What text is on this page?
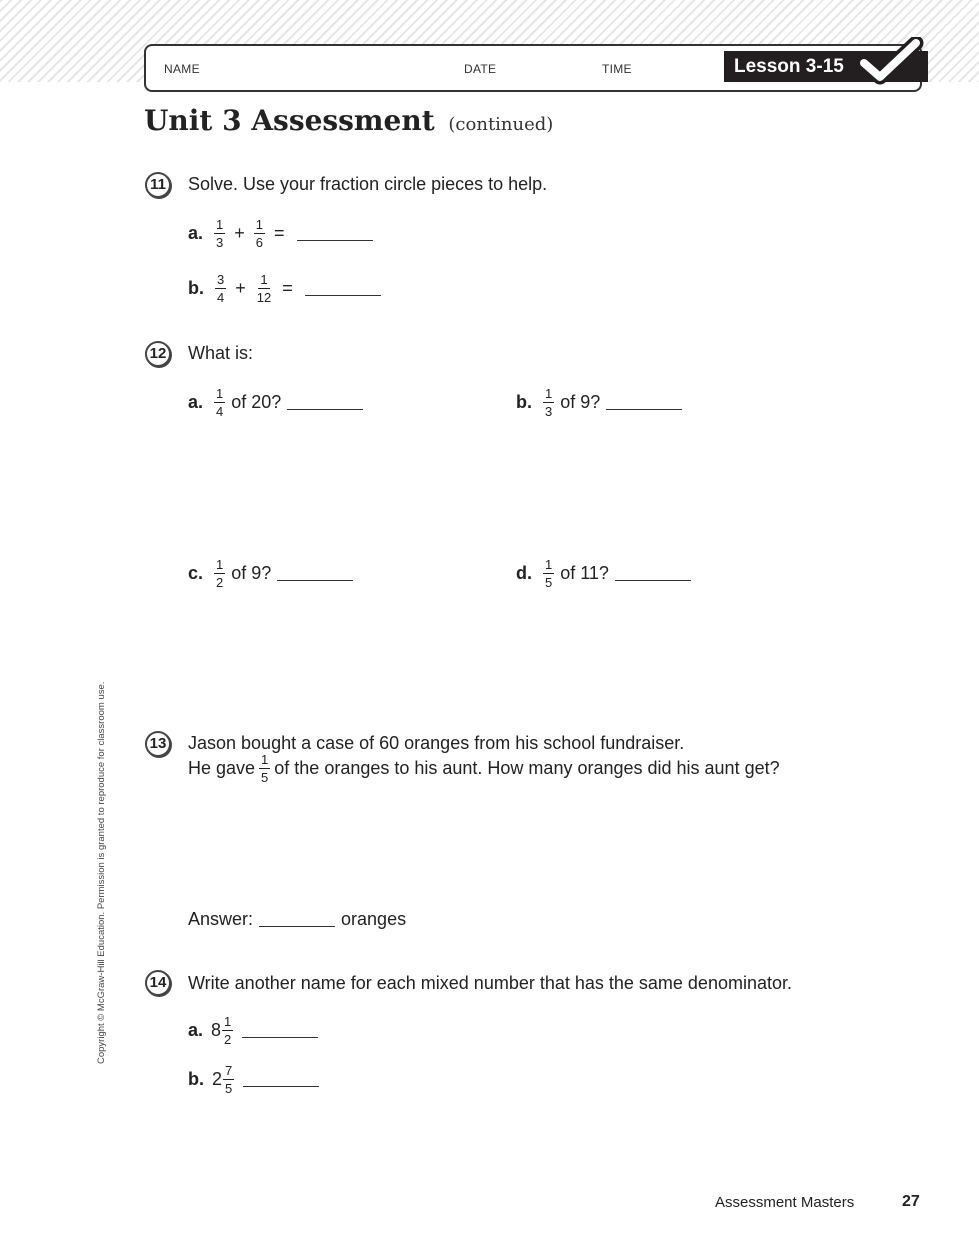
NAME	DATE	TIME	Lesson 3-15
Unit 3 Assessment (continued)
11 Solve. Use your fraction circle pieces to help.
a. $\frac{1}{3} + \frac{1}{6}$ =
b. $\frac{3}{4} + \frac{1}{12}$ =
12 What is:
a. $\frac{1}{4}$ of 20?	b. $\frac{1}{3}$ of 9?
c. $\frac{1}{2}$ of 9?	d. $\frac{1}{5}$ of 11?
13 Jason bought a case of 60 oranges from his school fundraiser.
He gave $\frac{1}{5}$ of the oranges to his aunt. How many oranges did his aunt get?
Answer:	oranges
14 Write another name for each mixed number that has the same denominator.
a. $8 \frac{1}{2}$
b. $2 \frac{7}{5}$
Copyright © McGraw-Hill Education. Permission is granted to reproduce for classroom use.
Assessment Masters	27
